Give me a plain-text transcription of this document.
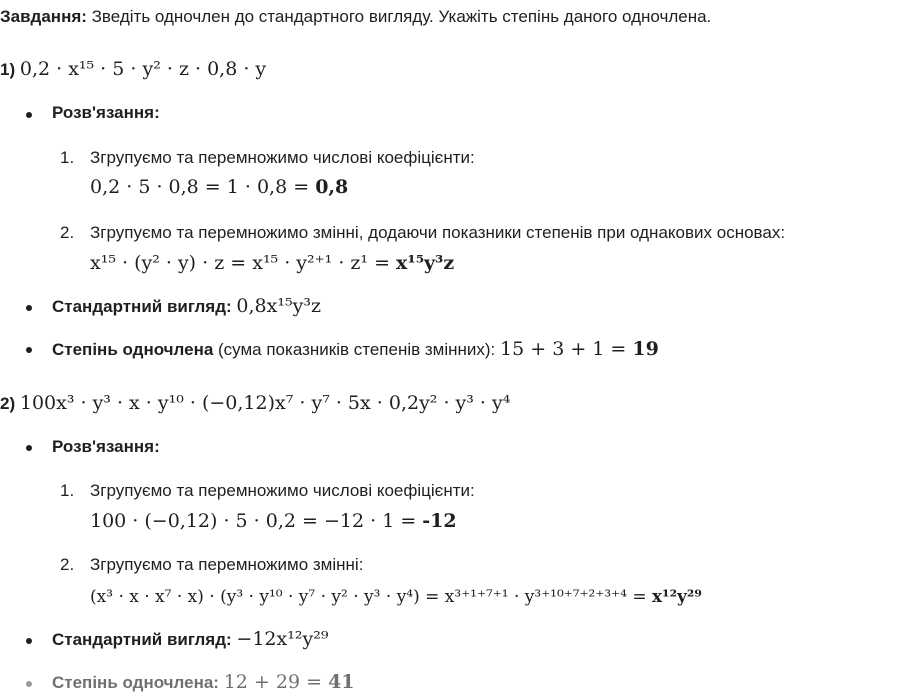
Завдання: Зведіть одночлен до стандартного вигляду. Укажіть степінь даного одночлена.
1) 0,2 · x¹⁵ · 5 · y² · z · 0,8 · y
Розв'язання:
1. Згрупуємо та перемножимо числові коефіцієнти:
0,2 · 5 · 0,8 = 1 · 0,8 = 0,8
2. Згрупуємо та перемножимо змінні, додаючи показники степенів при однакових основах:
x¹⁵ · (y² · y) · z = x¹⁵ · y²⁺¹ · z¹ = x¹⁵y³z
Стандартний вигляд: 0,8x¹⁵y³z
Степінь одночлена (сума показників степенів змінних): 15 + 3 + 1 = 19
2) 100x³ · y³ · x · y¹⁰ · (−0,12)x⁷ · y⁷ · 5x · 0,2y² · y³ · y⁴
Розв'язання:
1. Згрупуємо та перемножимо числові коефіцієнти:
100 · (−0,12) · 5 · 0,2 = −12 · 1 = -12
2. Згрупуємо та перемножимо змінні:
(x³ · x · x⁷ · x) · (y³ · y¹⁰ · y⁷ · y² · y³ · y⁴) = x³⁺¹⁺⁷⁺¹ · y³⁺¹⁰⁺⁷⁺²⁺³⁺⁴ = x¹²y²⁹
Стандартний вигляд: −12x¹²y²⁹
Степінь одночлена: 12 + 29 = 41
